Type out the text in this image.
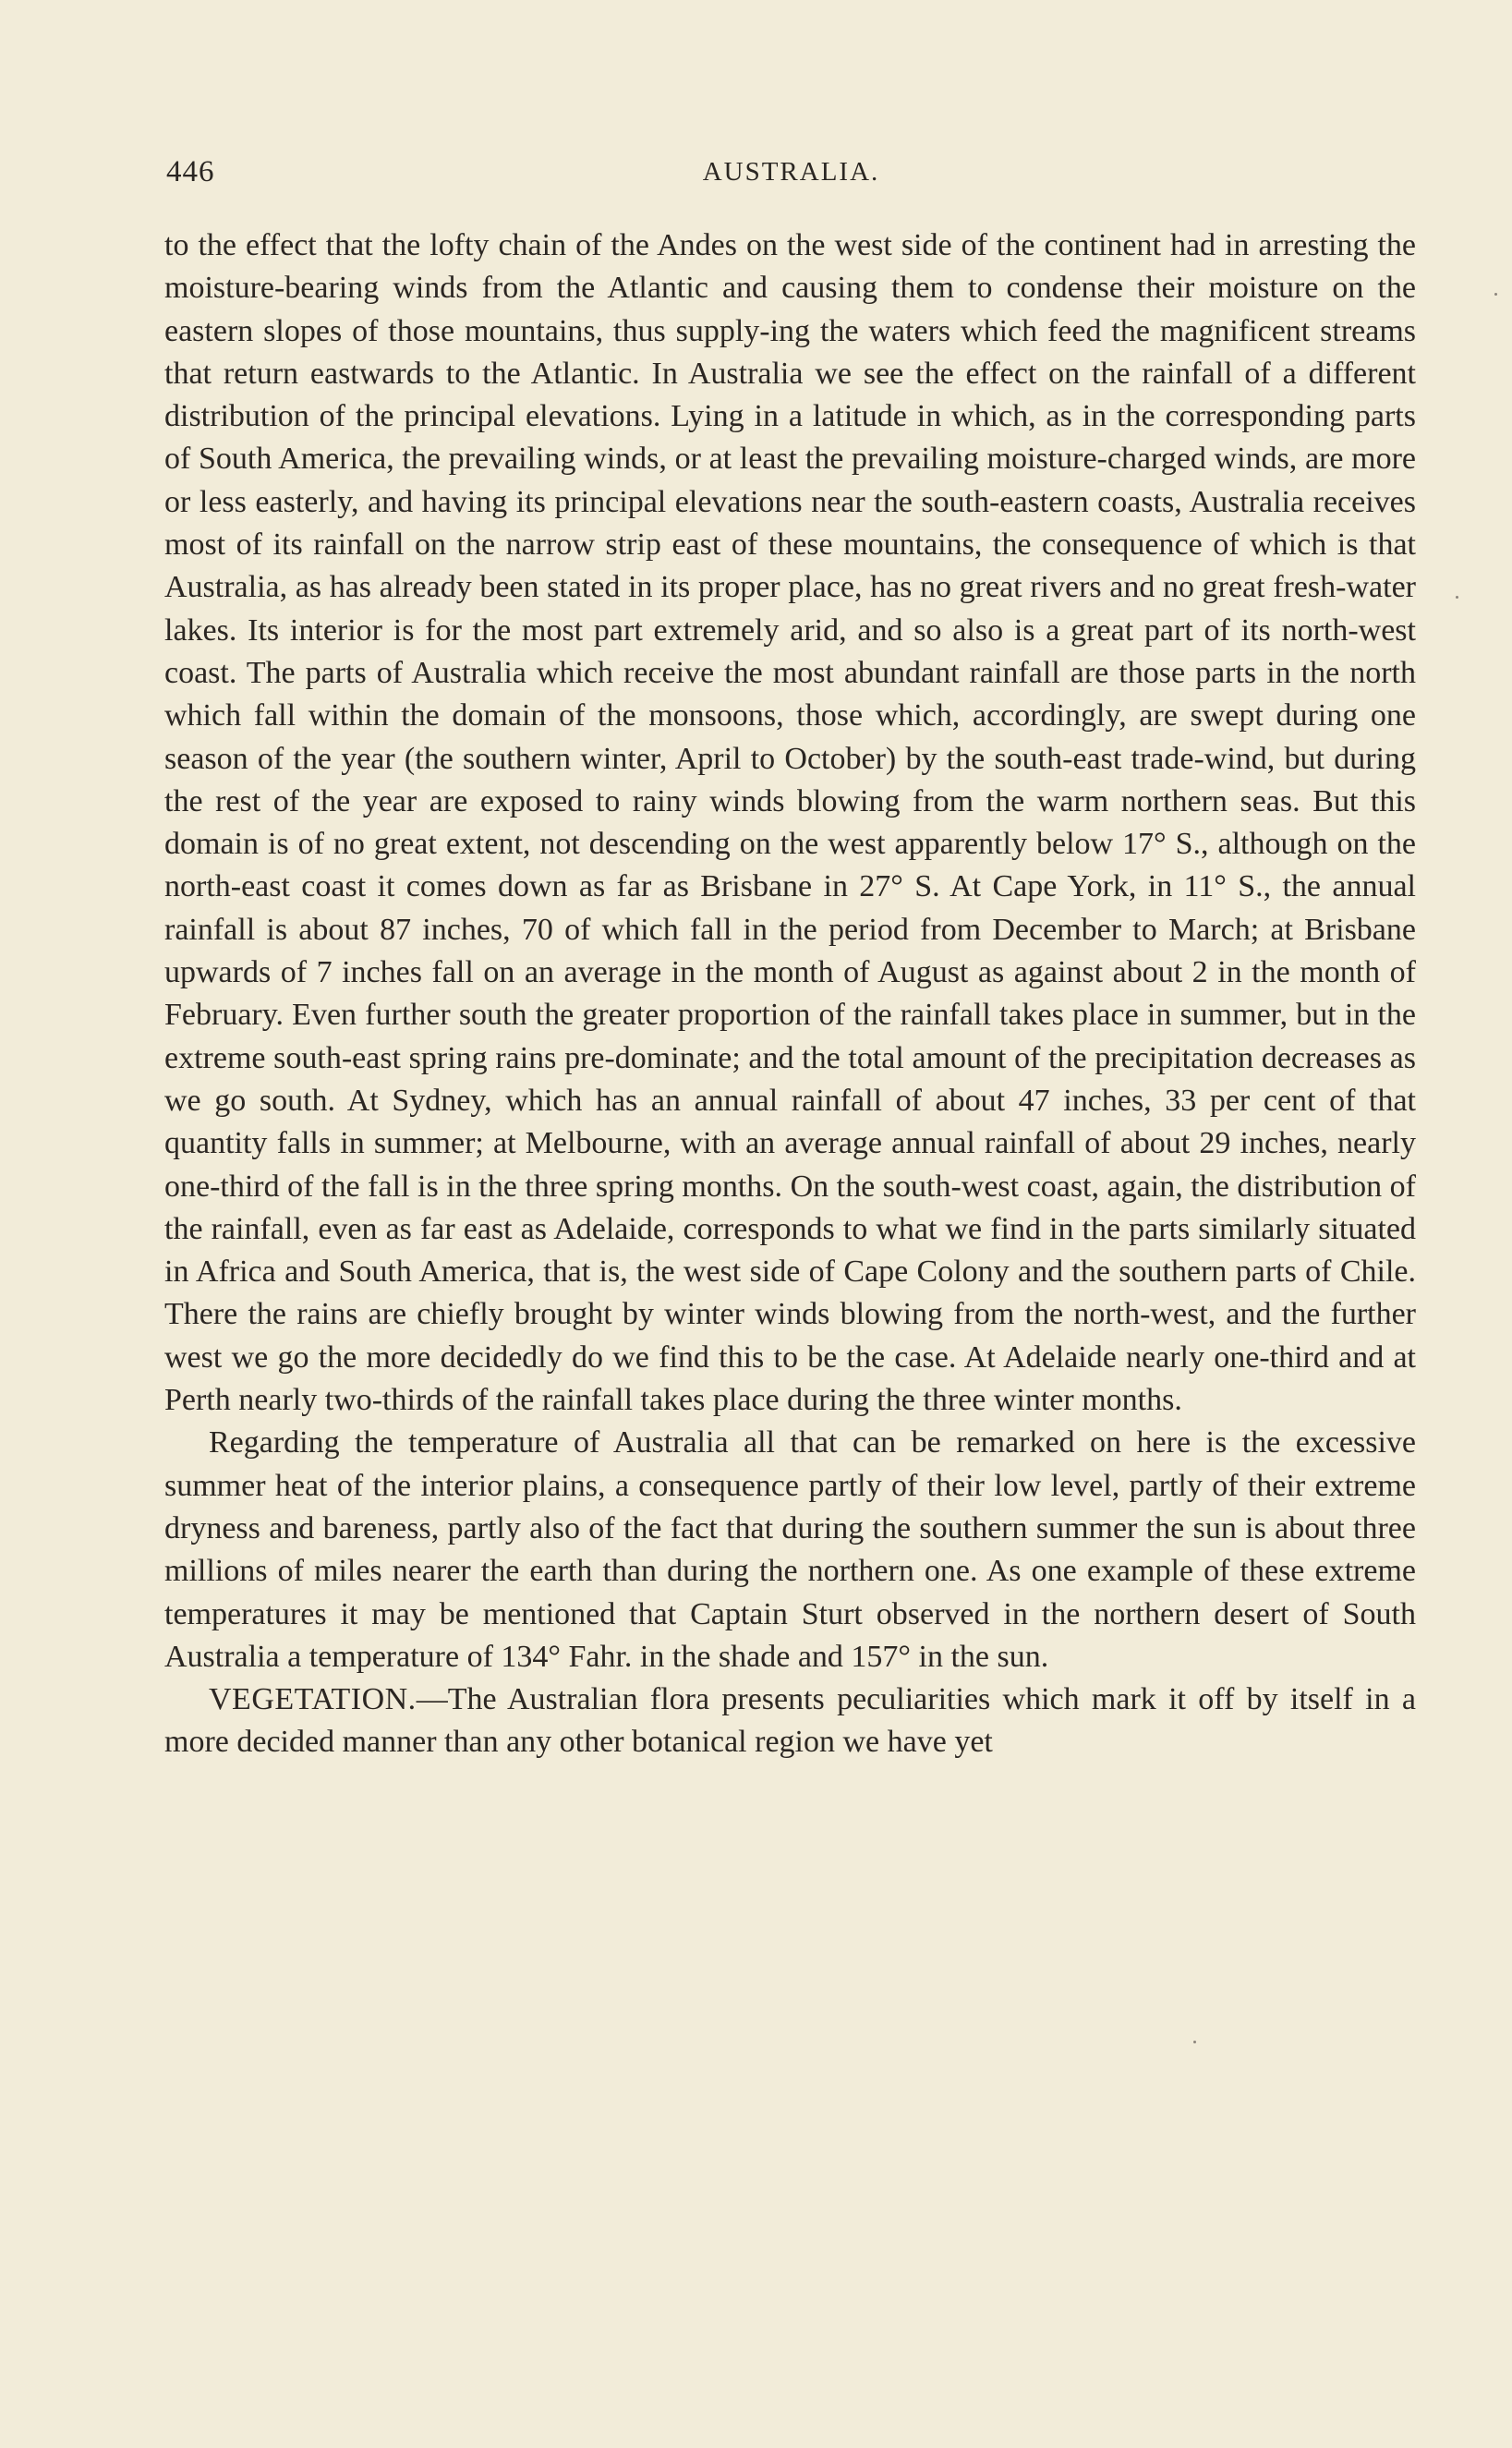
446	AUSTRALIA.

to the effect that the lofty chain of the Andes on the west side of the continent had in arresting the moisture-bearing winds from the Atlantic and causing them to condense their moisture on the eastern slopes of those mountains, thus supply-ing the waters which feed the magnificent streams that return eastwards to the Atlantic. In Australia we see the effect on the rainfall of a different distribution of the principal elevations. Lying in a latitude in which, as in the corresponding parts of South America, the prevailing winds, or at least the prevailing moisture-charged winds, are more or less easterly, and having its principal elevations near the south-eastern coasts, Australia receives most of its rainfall on the narrow strip east of these mountains, the consequence of which is that Australia, as has already been stated in its proper place, has no great rivers and no great fresh-water lakes. Its interior is for the most part extremely arid, and so also is a great part of its north-west coast. The parts of Australia which receive the most abundant rainfall are those parts in the north which fall within the domain of the monsoons, those which, accordingly, are swept during one season of the year (the southern winter, April to October) by the south-east trade-wind, but during the rest of the year are exposed to rainy winds blowing from the warm northern seas. But this domain is of no great extent, not descending on the west apparently below 17° S., although on the north-east coast it comes down as far as Brisbane in 27° S. At Cape York, in 11° S., the annual rainfall is about 87 inches, 70 of which fall in the period from December to March; at Brisbane upwards of 7 inches fall on an average in the month of August as against about 2 in the month of February. Even further south the greater proportion of the rainfall takes place in summer, but in the extreme south-east spring rains pre-dominate; and the total amount of the precipitation decreases as we go south. At Sydney, which has an annual rainfall of about 47 inches, 33 per cent of that quantity falls in summer; at Melbourne, with an average annual rainfall of about 29 inches, nearly one-third of the fall is in the three spring months. On the south-west coast, again, the distribution of the rainfall, even as far east as Adelaide, corresponds to what we find in the parts similarly situated in Africa and South America, that is, the west side of Cape Colony and the southern parts of Chile. There the rains are chiefly brought by winter winds blowing from the north-west, and the further west we go the more decidedly do we find this to be the case. At Adelaide nearly one-third and at Perth nearly two-thirds of the rainfall takes place during the three winter months.

Regarding the temperature of Australia all that can be remarked on here is the excessive summer heat of the interior plains, a consequence partly of their low level, partly of their extreme dryness and bareness, partly also of the fact that during the southern summer the sun is about three millions of miles nearer the earth than during the northern one. As one example of these extreme temperatures it may be mentioned that Captain Sturt observed in the northern desert of South Australia a temperature of 134° Fahr. in the shade and 157° in the sun.

VEGETATION.—The Australian flora presents peculiarities which mark it off by itself in a more decided manner than any other botanical region we have yet
